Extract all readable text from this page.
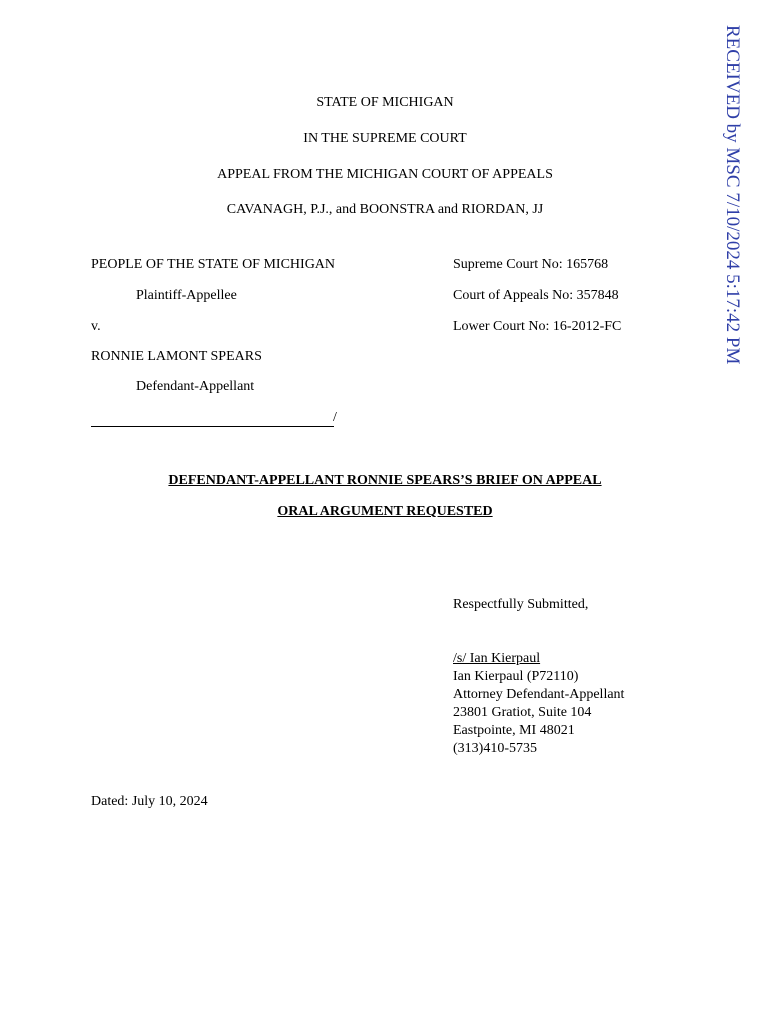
RECEIVED by MSC 7/10/2024 5:17:42 PM
STATE OF MICHIGAN
IN THE SUPREME COURT
APPEAL FROM THE MICHIGAN COURT OF APPEALS
CAVANAGH, P.J., and BOONSTRA and RIORDAN, JJ
PEOPLE OF THE STATE OF MICHIGAN
Plaintiff-Appellee
v.
RONNIE LAMONT SPEARS
Defendant-Appellant
/
Supreme Court No: 165768
Court of Appeals No: 357848
Lower Court No: 16-2012-FC
DEFENDANT-APPELLANT RONNIE SPEARS’S BRIEF ON APPEAL
ORAL ARGUMENT REQUESTED
Respectfully Submitted,
/s/ Ian Kierpaul
Ian Kierpaul (P72110)
Attorney Defendant-Appellant
23801 Gratiot, Suite 104
Eastpointe, MI 48021
(313)410-5735
Dated: July 10, 2024
